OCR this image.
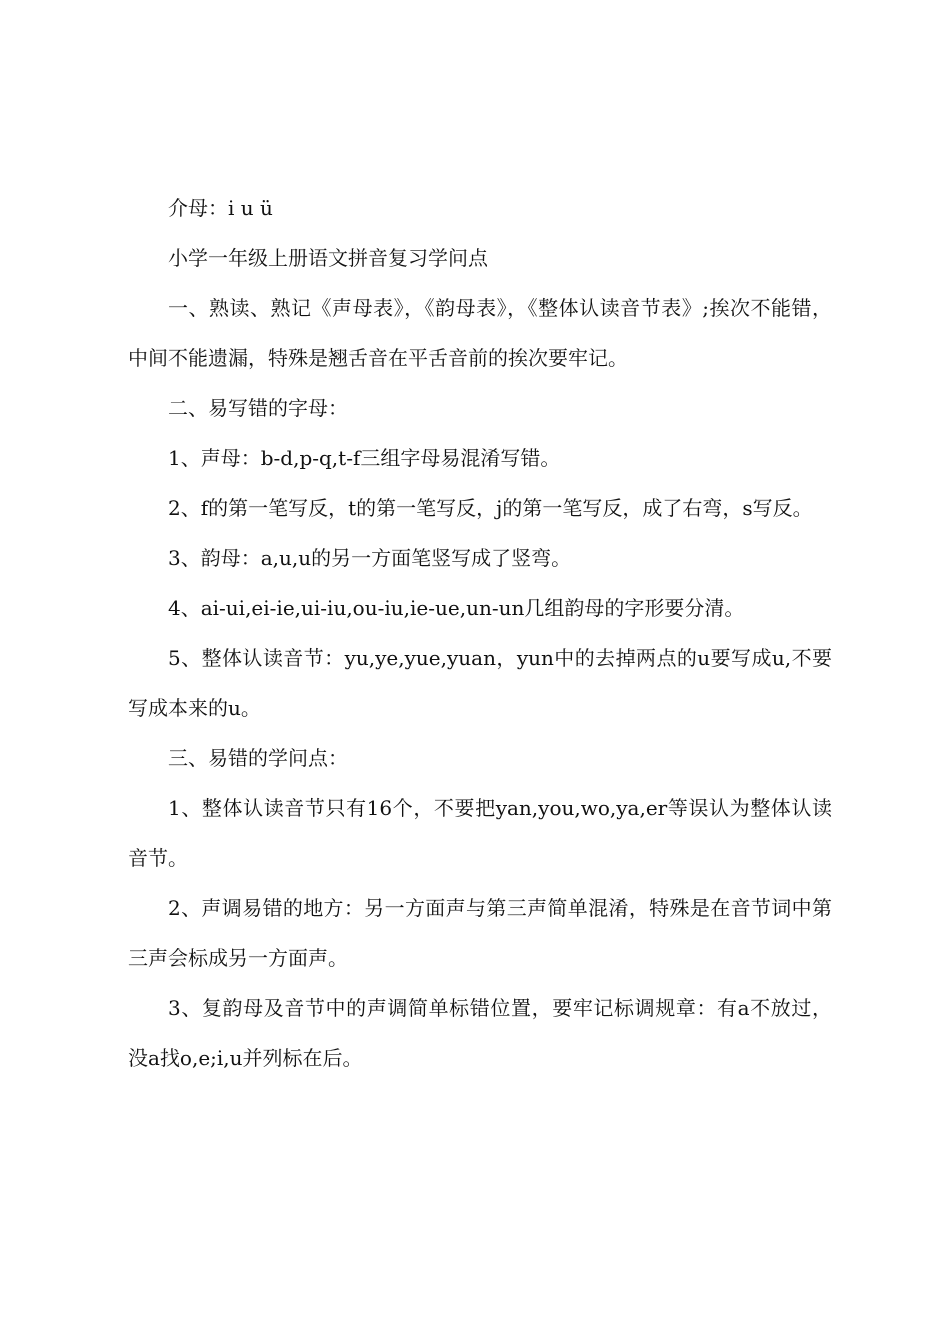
介母：i u ü

小学一年级上册语文拼音复习学问点

一、熟读、熟记《声母表》，《韵母表》，《整体认读音节表》;挨次不能错，中间不能遗漏，特殊是翘舌音在平舌音前的挨次要牢记。

二、易写错的字母：

1、声母：b-d,p-q,t-f三组字母易混淆写错。

2、f的第一笔写反，t的第一笔写反，j的第一笔写反，成了右弯，s写反。

3、韵母：a,u,u的另一方面笔竖写成了竖弯。

4、ai-ui,ei-ie,ui-iu,ou-iu,ie-ue,un-un几组韵母的字形要分清。

5、整体认读音节：yu,ye,yue,yuan，yun中的去掉两点的u要写成u,不要写成本来的u。

三、易错的学问点：

1、整体认读音节只有16个，不要把yan,you,wo,ya,er等误认为整体认读音节。

2、声调易错的地方：另一方面声与第三声简单混淆，特殊是在音节词中第三声会标成另一方面声。

3、复韵母及音节中的声调简单标错位置，要牢记标调规章：有a不放过，没a找o,e;i,u并列标在后。
